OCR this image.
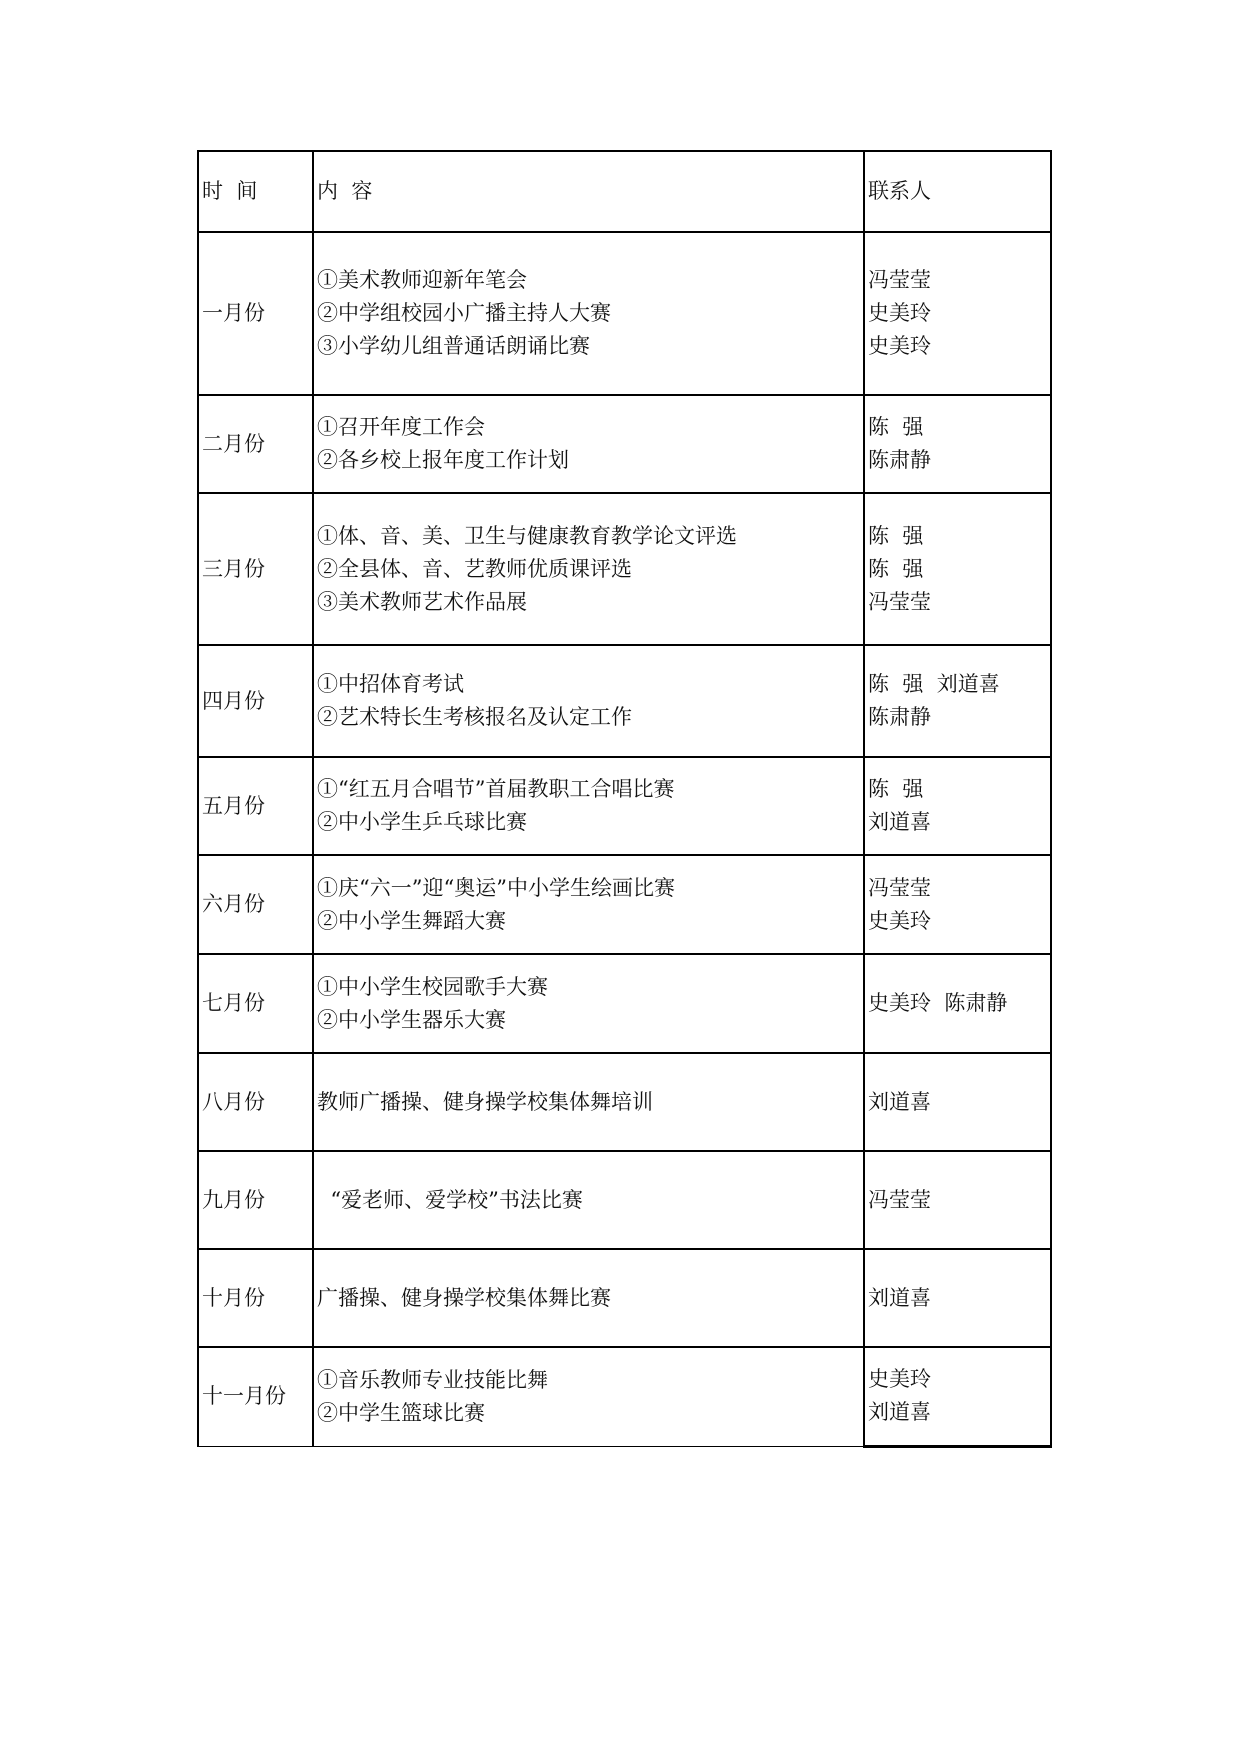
时  间	内  容	联系人

一月份	①美术教师迎新年笔会
②中学组校园小广播主持人大赛
③小学幼儿组普通话朗诵比赛	冯莹莹
史美玲
史美玲

二月份	①召开年度工作会
②各乡校上报年度工作计划	陈  强
陈肃静

三月份	①体、音、美、卫生与健康教育教学论文评选
②全县体、音、艺教师优质课评选
③美术教师艺术作品展	陈  强
陈  强
冯莹莹

四月份	①中招体育考试
②艺术特长生考核报名及认定工作	陈  强  刘道喜
陈肃静

五月份	①“红五月合唱节”首届教职工合唱比赛
②中小学生乒乓球比赛	陈  强
刘道喜

六月份	①庆“六一”迎“奥运”中小学生绘画比赛
②中小学生舞蹈大赛	冯莹莹
史美玲

七月份	①中小学生校园歌手大赛
②中小学生器乐大赛	史美玲  陈肃静

八月份	教师广播操、健身操学校集体舞培训	刘道喜

九月份	“爱老师、爱学校”书法比赛	冯莹莹

十月份	广播操、健身操学校集体舞比赛	刘道喜

十一月份	①音乐教师专业技能比舞
②中学生篮球比赛	史美玲
刘道喜
